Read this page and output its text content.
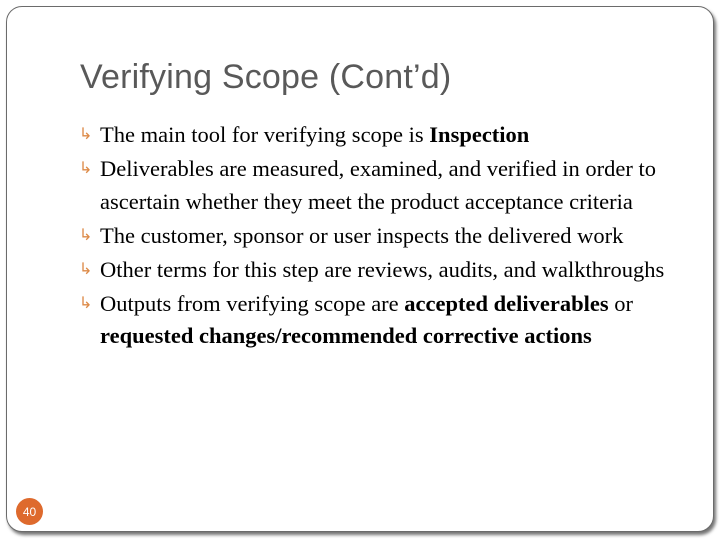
Verifying Scope (Cont’d)
↳ The main tool for verifying scope is Inspection
↳ Deliverables are measured, examined, and verified in order to ascertain whether they meet the product acceptance criteria
↳ The customer, sponsor or user inspects the delivered work
↳ Other terms for this step are reviews, audits, and walkthroughs
↳ Outputs from verifying scope are accepted deliverables or requested changes/recommended corrective actions
40
